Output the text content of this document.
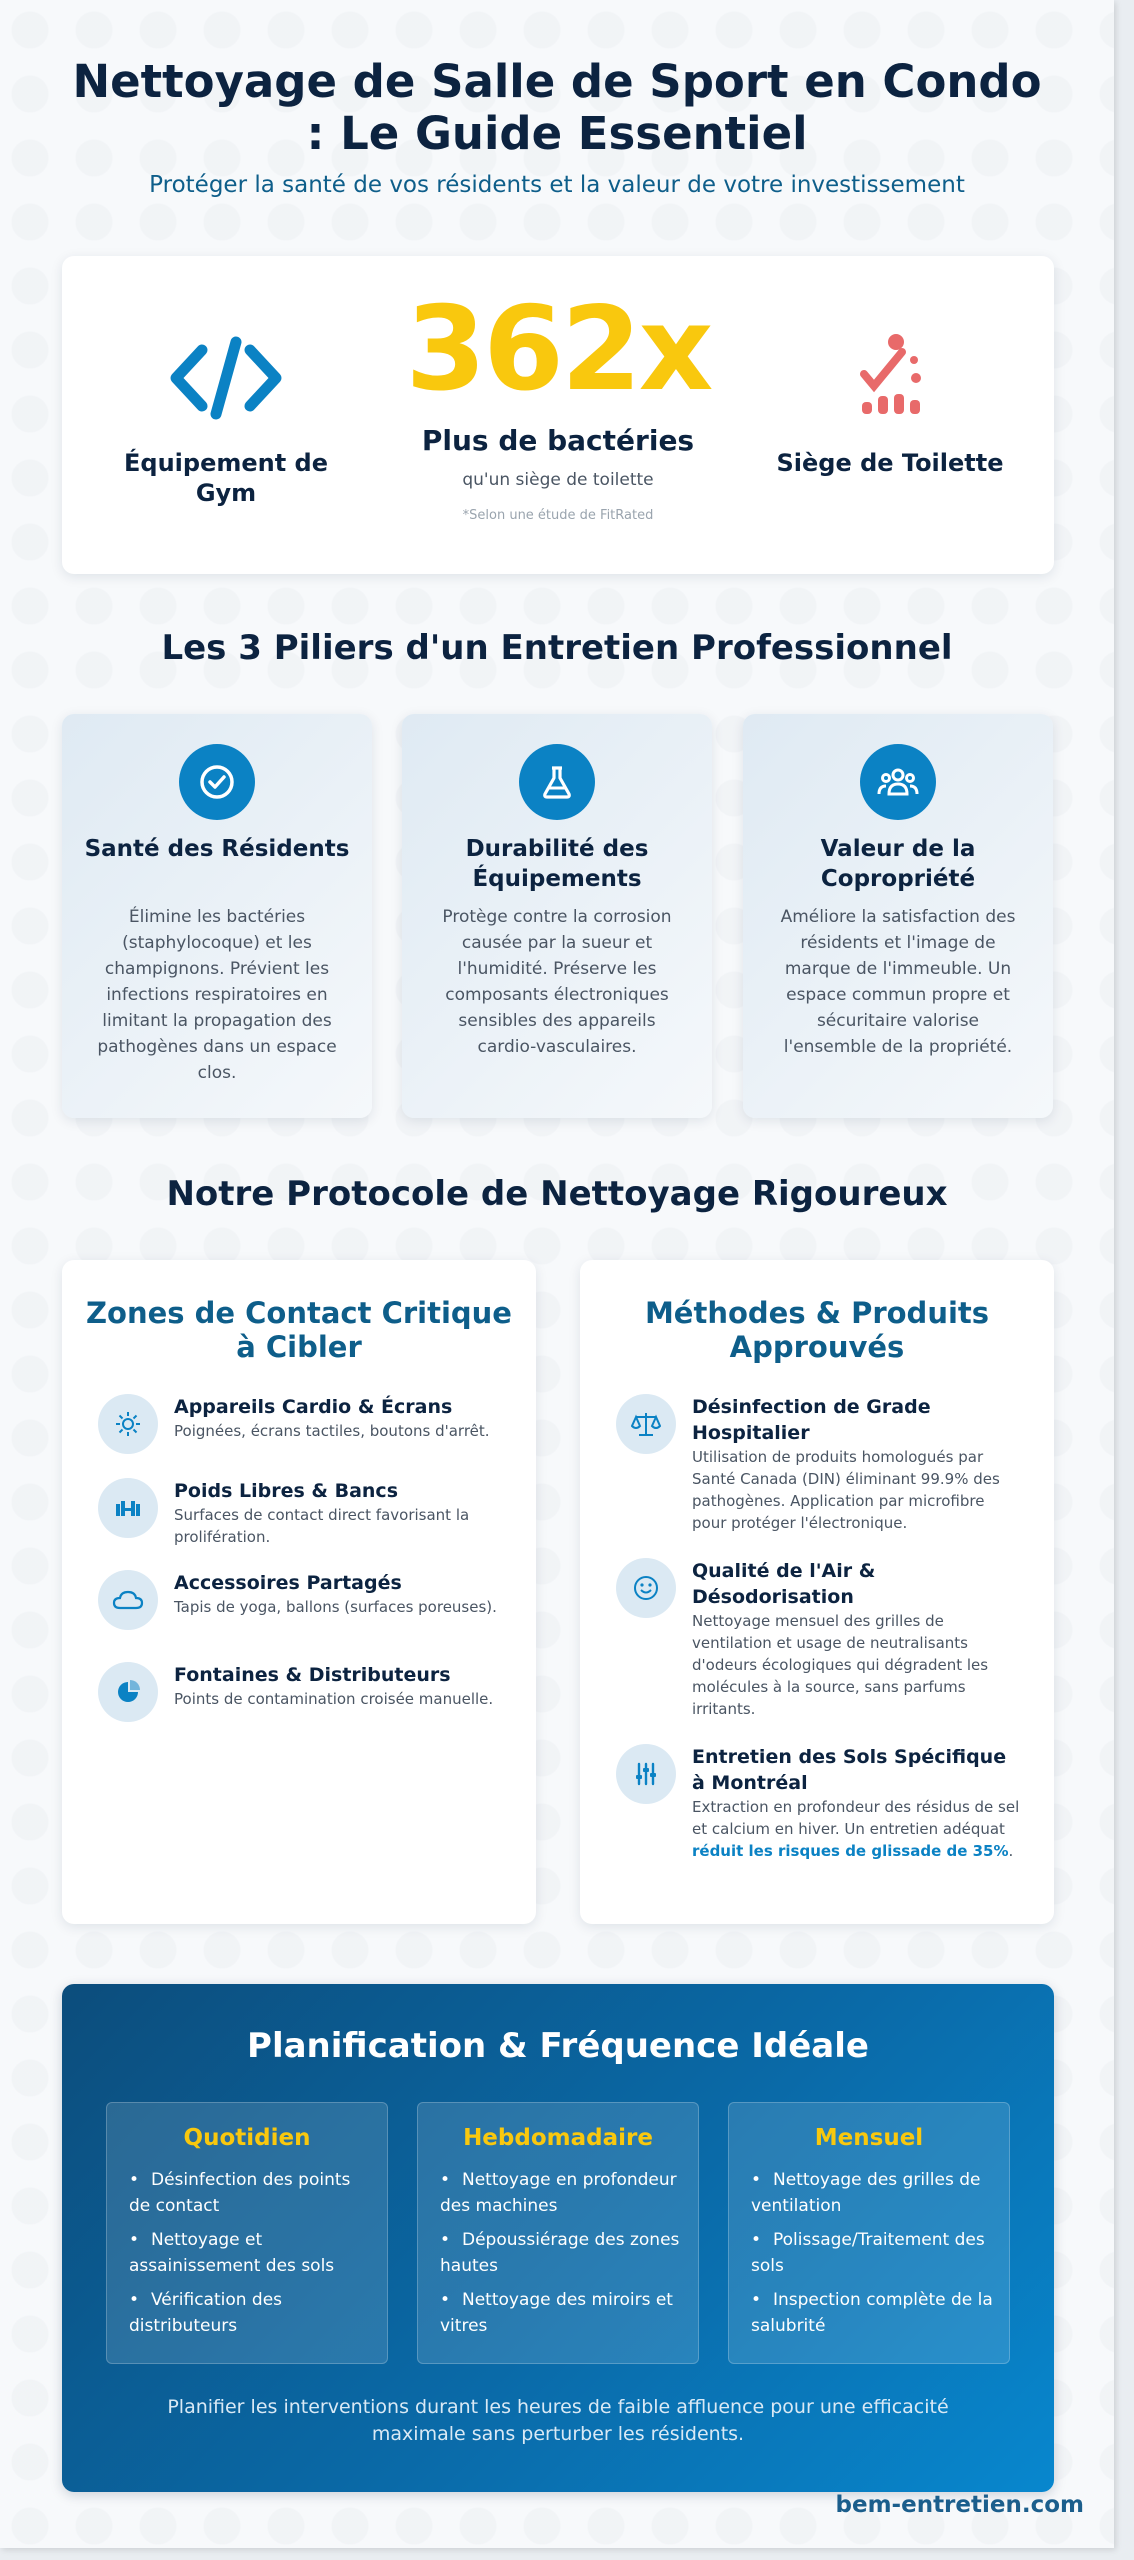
Nettoyage de Salle de Sport en Condo : Le Guide Essentiel

Protéger la santé de vos résidents et la valeur de votre investissement

Équipement de Gym
362x
Plus de bactéries
qu'un siège de toilette
*Selon une étude de FitRated
Siège de Toilette
Les 3 Piliers d'un Entretien Professionnel
Santé des Résidents

Élimine les bactéries (staphylocoque) et les champignons. Prévient les infections respiratoires en limitant la propagation des pathogènes dans un espace clos.

Durabilité des Équipements

Protège contre la corrosion causée par la sueur et l'humidité. Préserve les composants électroniques sensibles des appareils cardio-vasculaires.

Valeur de la Copropriété

Améliore la satisfaction des résidents et l'image de marque de l'immeuble. Un espace commun propre et sécuritaire valorise l'ensemble de la propriété.

Notre Protocole de Nettoyage Rigoureux
Zones de Contact Critique à Cibler
Appareils Cardio & Écrans
Poignées, écrans tactiles, boutons d'arrêt.
Poids Libres & Bancs
Surfaces de contact direct favorisant la prolifération.
Accessoires Partagés
Tapis de yoga, ballons (surfaces poreuses).
Fontaines & Distributeurs
Points de contamination croisée manuelle.
Méthodes & Produits Approuvés
Désinfection de Grade Hospitalier
Utilisation de produits homologués par Santé Canada (DIN) éliminant 99.9% des pathogènes. Application par microfibre pour protéger l'électronique.
Qualité de l'Air & Désodorisation
Nettoyage mensuel des grilles de ventilation et usage de neutralisants d'odeurs écologiques qui dégradent les molécules à la source, sans parfums irritants.
Entretien des Sols Spécifique à Montréal
Extraction en profondeur des résidus de sel et calcium en hiver. Un entretien adéquat réduit les risques de glissade de 35%.
Planification & Fréquence Idéale
Quotidien
• Désinfection des points de contact
• Nettoyage et assainissement des sols
• Vérification des distributeurs
Hebdomadaire
• Nettoyage en profondeur des machines
• Dépoussiérage des zones hautes
• Nettoyage des miroirs et vitres
Mensuel
• Nettoyage des grilles de ventilation
• Polissage/Traitement des sols
• Inspection complète de la salubrité

Planifier les interventions durant les heures de faible affluence pour une efficacité maximale sans perturber les résidents.

bem-entretien.com
